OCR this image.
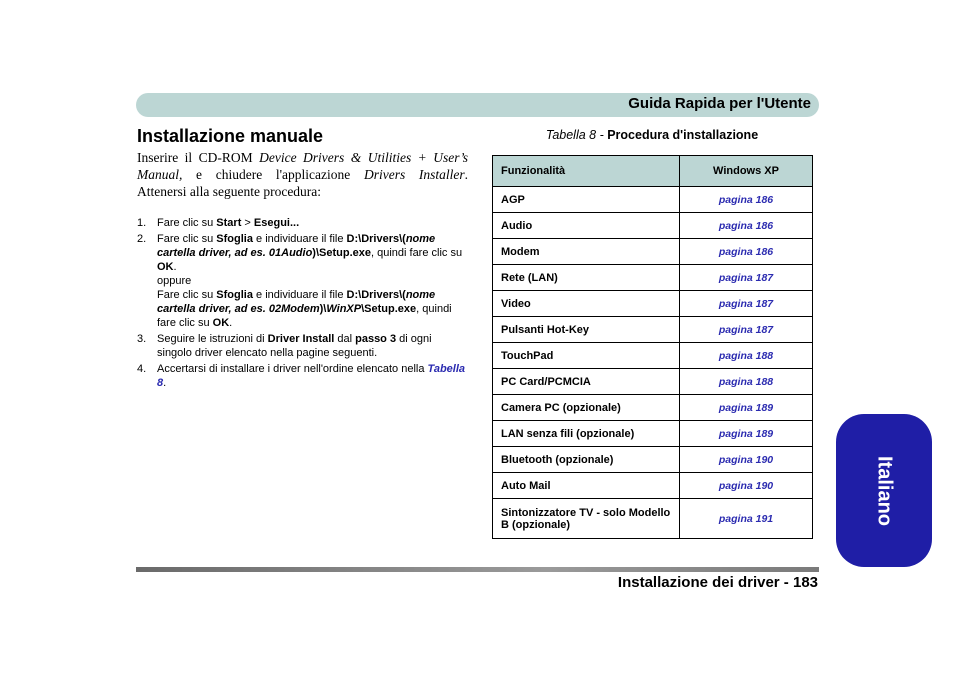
Guida Rapida per l'Utente
Installazione manuale

Inserire il CD-ROM Device Drivers & Utilities + User’s Manual, e chiudere l'applicazione Drivers Installer. Attenersi alla seguente procedura:

1. Fare clic su Start > Esegui...
2. Fare clic su Sfoglia e individuare il file D:\Drivers\(nome cartella driver, ad es. 01Audio)\Setup.exe, quindi fare clic su OK.
oppure
Fare clic su Sfoglia e individuare il file D:\Drivers\(nome cartella driver, ad es. 02Modem)\WinXP\Setup.exe, quindi fare clic su OK.
3. Seguire le istruzioni di Driver Install dal passo 3 di ogni singolo driver elencato nella pagine seguenti.
4. Accertarsi di installare i driver nell'ordine elencato nella Tabella 8.
Tabella 8 - Procedura d'installazione
Funzionalità	Windows XP
AGP	pagina 186
Audio	pagina 186
Modem	pagina 186
Rete (LAN)	pagina 187
Video	pagina 187
Pulsanti Hot-Key	pagina 187
TouchPad	pagina 188
PC Card/PCMCIA	pagina 188
Camera PC (opzionale)	pagina 189
LAN senza fili (opzionale)	pagina 189
Bluetooth (opzionale)	pagina 190
Auto Mail	pagina 190
Sintonizzatore TV - solo Modello B (opzionale)	pagina 191
Installazione dei driver - 183
Italiano
